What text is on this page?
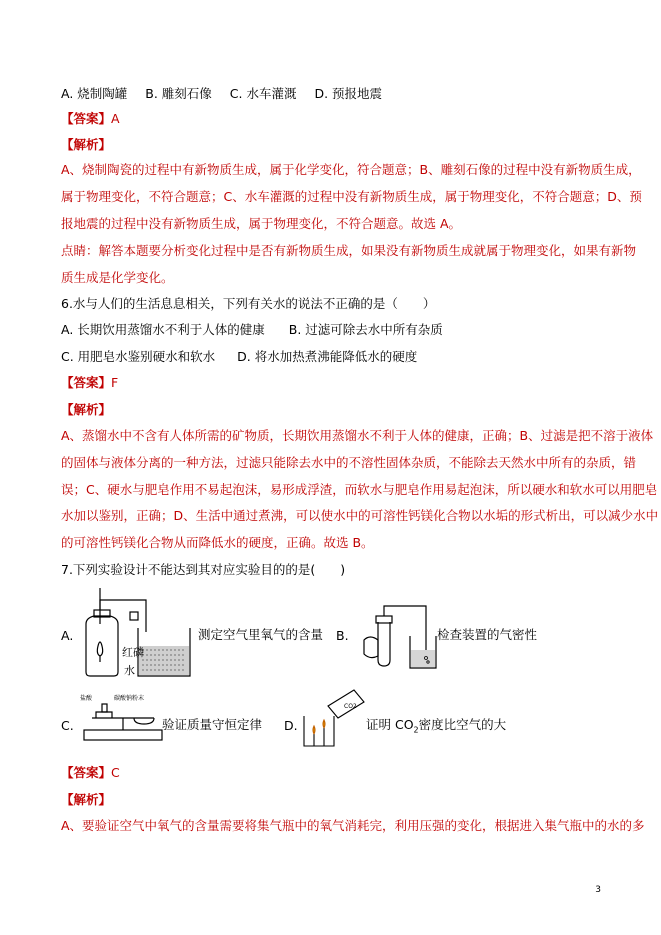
A. 烧制陶罐 B. 雕刻石像 C. 水车灌溉 D. 预报地震
【答案】A
【解析】
A、烧制陶瓷的过程中有新物质生成，属于化学变化，符合题意；B、雕刻石像的过程中没有新物质生成，
属于物理变化，不符合题意；C、水车灌溉的过程中没有新物质生成，属于物理变化，不符合题意；D、预
报地震的过程中没有新物质生成，属于物理变化，不符合题意。故选 A。
点睛：解答本题要分析变化过程中是否有新物质生成，如果没有新物质生成就属于物理变化，如果有新物
质生成是化学变化。
6.水与人们的生活息息相关，下列有关水的说法不正确的是（　　）
A. 长期饮用蒸馏水不利于人体的健康 B. 过滤可除去水中所有杂质
C. 用肥皂水鉴别硬水和软水 D. 将水加热煮沸能降低水的硬度
【答案】F
【解析】
A、蒸馏水中不含有人体所需的矿物质，长期饮用蒸馏水不利于人体的健康，正确；B、过滤是把不溶于液体
的固体与液体分离的一种方法，过滤只能除去水中的不溶性固体杂质，不能除去天然水中所有的杂质，错
误；C、硬水与肥皂作用不易起泡沫，易形成浮渣，而软水与肥皂作用易起泡沫，所以硬水和软水可以用肥皂
水加以鉴别，正确；D、生活中通过煮沸，可以使水中的可溶性钙镁化合物以水垢的形式析出，可以减少水中
的可溶性钙镁化合物从而降低水的硬度，正确。故选 B。
7.下列实验设计不能达到其对应实验目的的是(　　)
A.
红磷
水
测定空气里氧气的含量 B.	检查装置的气密性
C.
盐酸	碳酸钠粉末
验证质量守恒定律 D.
CO2
证明 $CO_2$密度比空气的大
【答案】C
【解析】
A、要验证空气中氧气的含量需要将集气瓶中的氧气消耗完，利用压强的变化，根据进入集气瓶中的水的多
3
